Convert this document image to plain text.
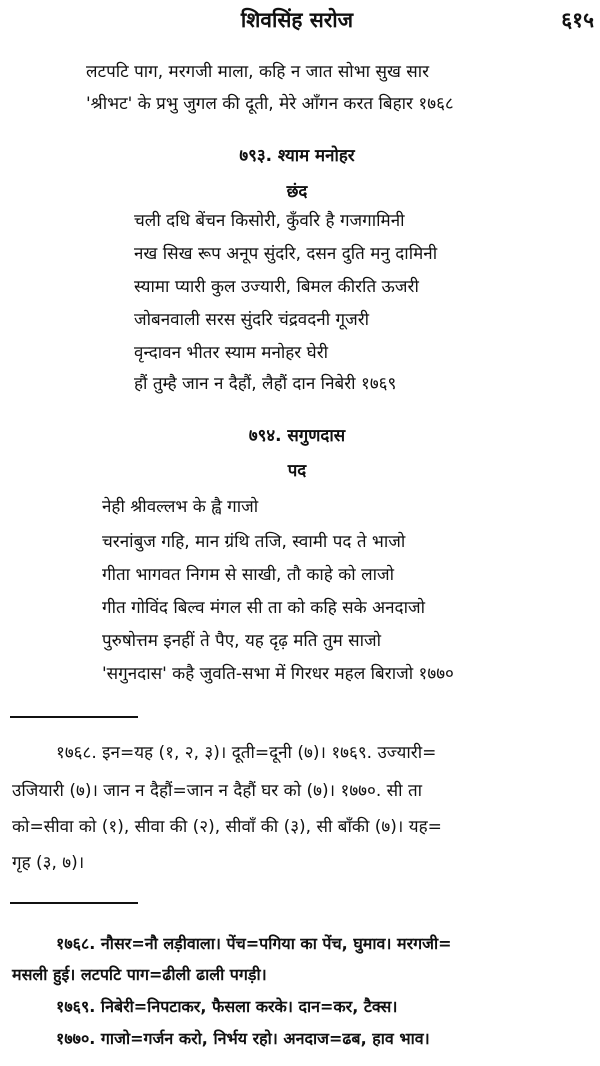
शिवसिंह सरोज	६१५
लटपटि पाग, मरगजी माला, कहि न जात सोभा सुख सार
'श्रीभट' के प्रभु जुगल की दूती, मेरे आँगन करत बिहार १७६८
७९३. श्याम मनोहर
छंद
चली दधि बेंचन किसोरी, कुँवरि है गजगामिनी
नख सिख रूप अनूप सुंदरि, दसन दुति मनु दामिनी
स्यामा प्यारी कुल उज्यारी, बिमल कीरति ऊजरी
जोबनवाली सरस सुंदरि चंद्रवदनी गूजरी
वृन्दावन भीतर स्याम मनोहर घेरी
हौं तुम्है जान न दैहौं, लैहौं दान निबेरी १७६९
७९४. सगुणदास
पद
नेही श्रीवल्लभ के ह्वै गाजो
चरनांबुज गहि, मान ग्रंथि तजि, स्वामी पद ते भाजो
गीता भागवत निगम से साखी, तौ काहे को लाजो
गीत गोविंद बिल्व मंगल सी ता को कहि सके अनदाजो
पुरुषोत्तम इनहीं ते पैए, यह दृढ़ मति तुम साजो
'सगुनदास' कहै जुवति-सभा में गिरधर महल बिराजो १७७०
१७६८. इन=यह (१, २, ३)। दूती=दूनी (७)। १७६९. उज्यारी=
उजियारी (७)। जान न दैहौं=जान न दैहौं घर को (७)। १७७०. सी ता
को=सीवा को (१), सीवा की (२), सीवाँ की (३), सी बाँकी (७)। यह=
गृह (३, ७)।
१७६८. नौसर=नौ लड़ीवाला। पेंच=पगिया का पेंच, घुमाव। मरगजी=
मसली हुई। लटपटि पाग=ढीली ढाली पगड़ी।
१७६९. निबेरी=निपटाकर, फैसला करके। दान=कर, टैक्स।
१७७०. गाजो=गर्जन करो, निर्भय रहो। अनदाज=ढब, हाव भाव।
